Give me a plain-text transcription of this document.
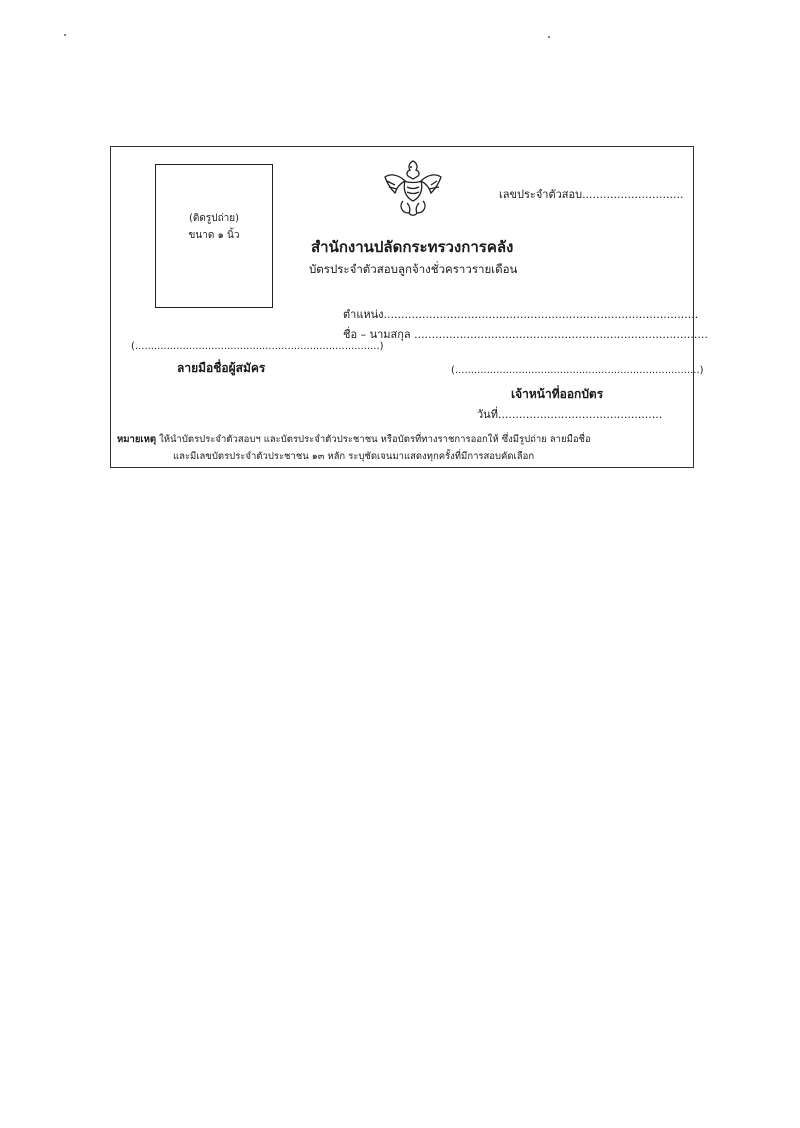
(ติดรูปถ่าย)
ขนาด ๑ นิ้ว
เลขประจำตัวสอบ.............................
สำนักงานปลัดกระทรวงการคลัง
บัตรประจำตัวสอบลูกจ้างชั่วคราวรายเดือน
ตำแหน่ง..........................................................................................
ชื่อ – นามสกุล ....................................................................................
(.............................................................................)
ลายมือชื่อผู้สมัคร	(.............................................................................)
เจ้าหน้าที่ออกบัตร
วันที่...............................................
หมายเหตุ ให้นำบัตรประจำตัวสอบฯ และบัตรประจำตัวประชาชน หรือบัตรที่ทางราชการออกให้ ซึ่งมีรูปถ่าย ลายมือชื่อ
และมีเลขบัตรประจำตัวประชาชน ๑๓ หลัก ระบุชัดเจนมาแสดงทุกครั้งที่มีการสอบคัดเลือก
